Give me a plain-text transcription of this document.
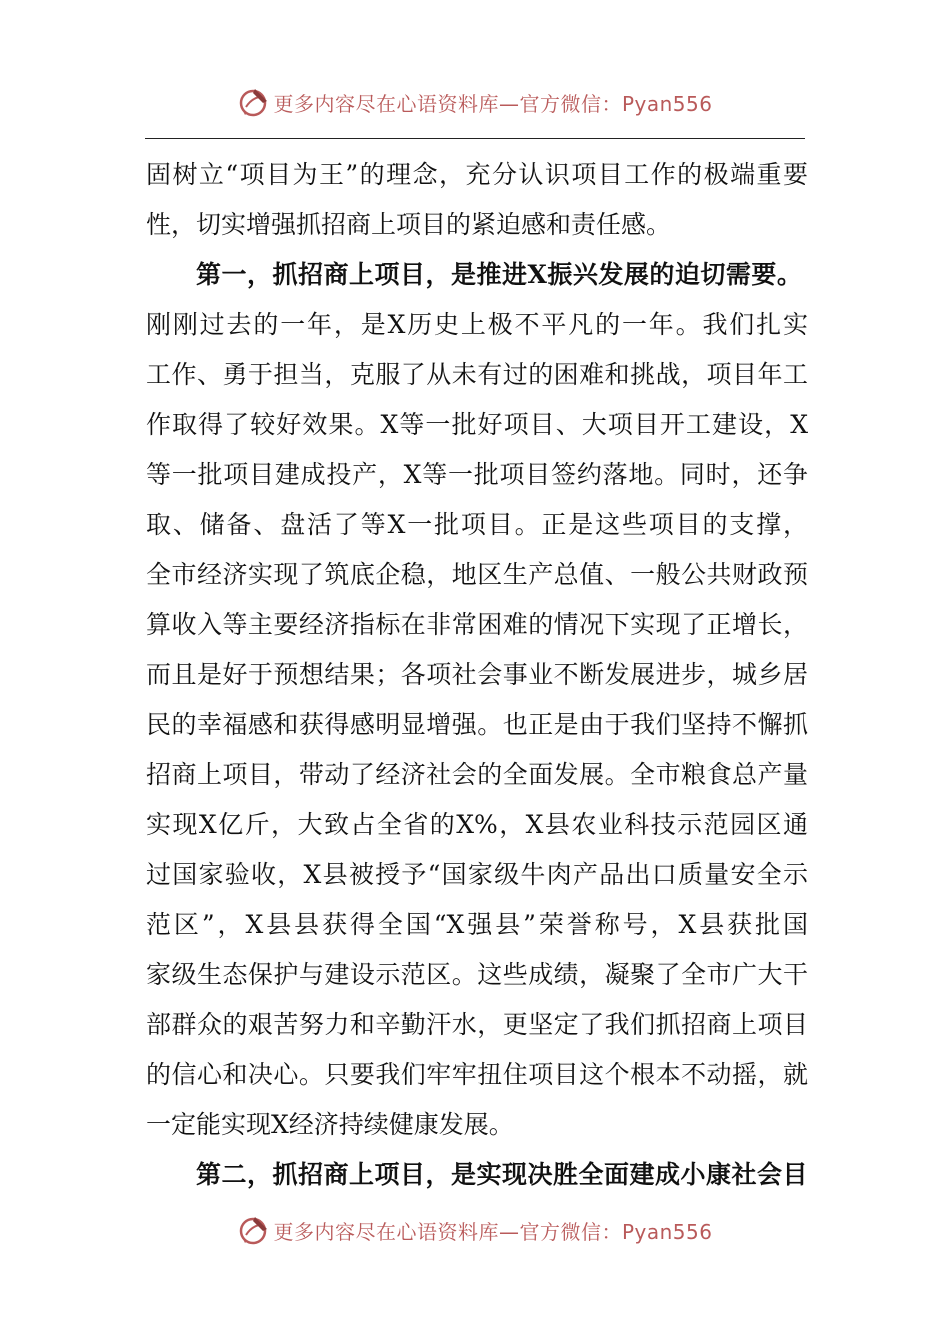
更多内容尽在心语资料库—官方微信：Pyan556
固树立“项目为王”的理念，充分认识项目工作的极端重要
性，切实增强抓招商上项目的紧迫感和责任感。
第一，抓招商上项目，是推进X振兴发展的迫切需要。
刚刚过去的一年，是X历史上极不平凡的一年。我们扎实
工作、勇于担当，克服了从未有过的困难和挑战，项目年工
作取得了较好效果。X等一批好项目、大项目开工建设，X
等一批项目建成投产，X等一批项目签约落地。同时，还争
取、储备、盘活了等X一批项目。正是这些项目的支撑，
全市经济实现了筑底企稳，地区生产总值、一般公共财政预
算收入等主要经济指标在非常困难的情况下实现了正增长，
而且是好于预想结果；各项社会事业不断发展进步，城乡居
民的幸福感和获得感明显增强。也正是由于我们坚持不懈抓
招商上项目，带动了经济社会的全面发展。全市粮食总产量
实现X亿斤，大致占全省的X%，X县农业科技示范园区通
过国家验收，X县被授予“国家级牛肉产品出口质量安全示
范区”，X县县获得全国“X强县”荣誉称号，X县获批国
家级生态保护与建设示范区。这些成绩，凝聚了全市广大干
部群众的艰苦努力和辛勤汗水，更坚定了我们抓招商上项目
的信心和决心。只要我们牢牢扭住项目这个根本不动摇，就
一定能实现X经济持续健康发展。
第二，抓招商上项目，是实现决胜全面建成小康社会目
更多内容尽在心语资料库—官方微信：Pyan556
